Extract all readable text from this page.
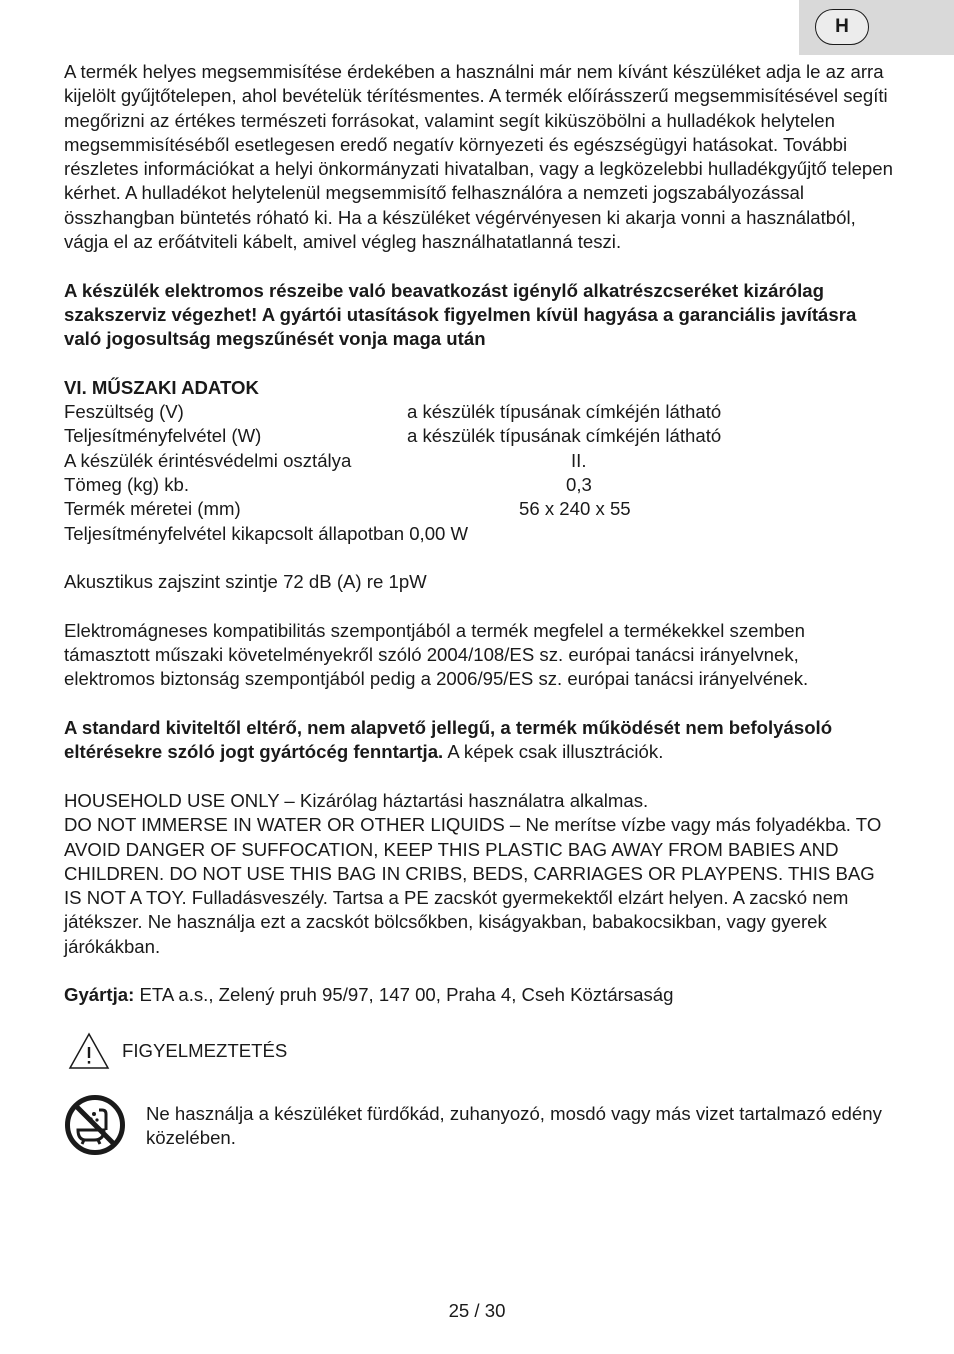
H

A termék helyes megsemmisítése érdekében a használni már nem kívánt készüléket adja le az arra kijelölt gyűjtőtelepen, ahol bevételük térítésmentes. A termék előírásszerű megsemmisítésével segíti megőrizni az értékes természeti forrásokat, valamint segít kiküszöbölni a hulladékok helytelen megsemmisítéséből esetlegesen eredő negatív környezeti és egészségügyi hatásokat. További részletes információkat a helyi önkormányzati hivatalban, vagy a legközelebbi hulladékgyűjtő telepen kérhet. A hulladékot helytelenül megsemmisítő felhasználóra a nemzeti jogszabályozással összhangban büntetés róható ki. Ha a készüléket végérvényesen ki akarja vonni a használatból, vágja el az erőátviteli kábelt, amivel végleg használhatatlanná teszi.

A készülék elektromos részeibe való beavatkozást igénylő alkatrészcseréket kizárólag szakszerviz végezhet! A gyártói utasítások figyelmen kívül hagyása a garanciális javításra való jogosultság megszűnését vonja maga után

VI. MŰSZAKI ADATOK
Feszültség (V)	a készülék típusának címkéjén látható
Teljesítményfelvétel (W)	a készülék típusának címkéjén látható
A készülék érintésvédelmi osztálya	II.
Tömeg (kg) kb.	0,3
Termék méretei (mm)	56 x 240 x 55
Teljesítményfelvétel kikapcsolt állapotban 0,00 W

Akusztikus zajszint szintje 72 dB (A) re 1pW

Elektromágneses kompatibilitás szempontjából a termék megfelel a termékekkel szemben támasztott műszaki követelményekről szóló 2004/108/ES sz. európai tanácsi irányelvnek, elektromos biztonság szempontjából pedig a 2006/95/ES sz. európai tanácsi irányelvének.

A standard kiviteltől eltérő, nem alapvető jellegű, a termék működését nem befolyásoló eltérésekre szóló jogt gyártócég fenntartja. A képek csak illusztrációk.

HOUSEHOLD USE ONLY – Kizárólag háztartási használatra alkalmas.
DO NOT IMMERSE IN WATER OR OTHER LIQUIDS – Ne merítse vízbe vagy más folyadékba. TO AVOID DANGER OF SUFFOCATION, KEEP THIS PLASTIC BAG AWAY FROM BABIES AND CHILDREN. DO NOT USE THIS BAG IN CRIBS, BEDS, CARRIAGES OR PLAYPENS. THIS BAG IS NOT A TOY. Fulladásveszély. Tartsa a PE zacskót gyermekektől elzárt helyen. A zacskó nem játékszer. Ne használja ezt a zacskót bölcsőkben, kiságyakban, babakocsikban, vagy gyerek járókákban.

Gyártja: ETA a.s., Zelený pruh 95/97, 147 00, Praha 4, Cseh Köztársaság

FIGYELMEZTETÉS
Ne használja a készüléket fürdőkád, zuhanyozó, mosdó vagy más vizet tartalmazó edény közelében.
25 / 30
